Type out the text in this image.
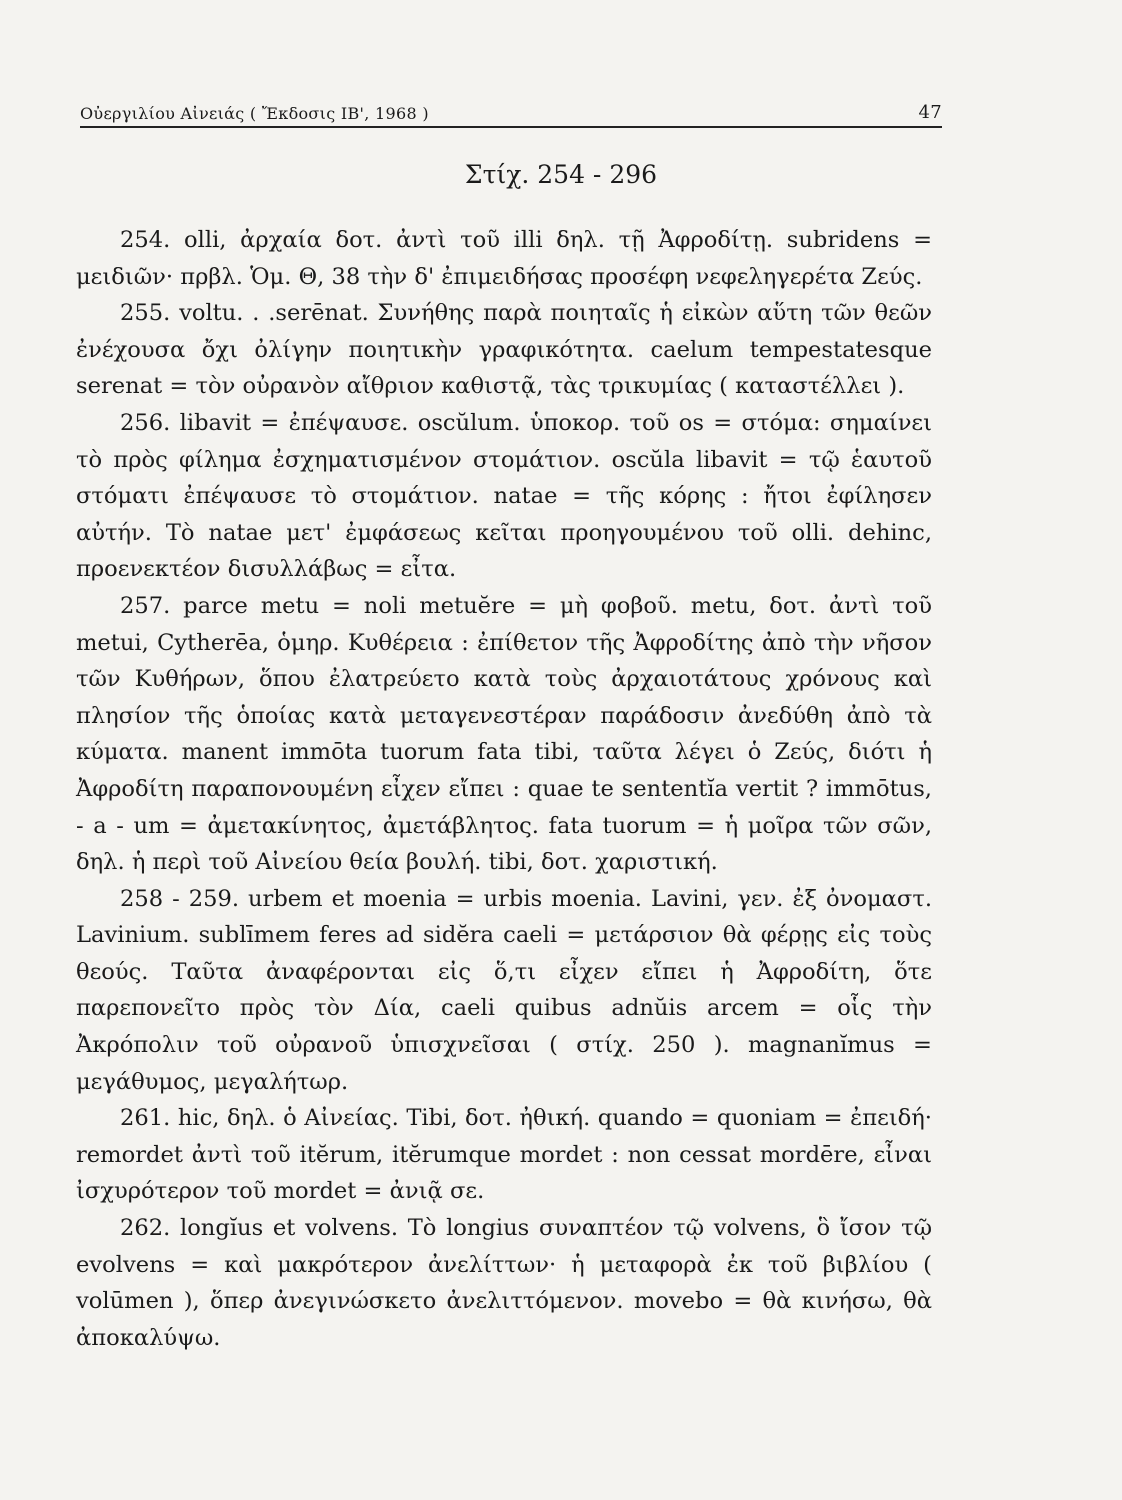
Οὐεργιλίου Αἰνειάς ( Ἔκδοσις ΙΒ', 1968 )	47
Στίχ. 254 - 296

254. olli, ἀρχαία δοτ. ἀντὶ τοῦ illi δηλ. τῇ Ἀφροδίτῃ. subridens = μειδιῶν· πρβλ. Ὁμ. Θ, 38 τὴν δ' ἐπιμειδήσας προσέφη νεφεληγερέτα Ζεύς.

255. voltu. . .serēnat. Συνήθης παρὰ ποιηταῖς ἡ εἰκὼν αὕτη τῶν θεῶν ἐνέχουσα ὄχι ὀλίγην ποιητικὴν γραφικότητα. caelum tempestatesque serenat = τὸν οὐρανὸν αἴθριον καθιστᾷ, τὰς τρικυμίας ( καταστέλλει ).

256. libavit = ἐπέψαυσε. oscŭlum. ὑποκορ. τοῦ os = στόμα: σημαίνει τὸ πρὸς φίλημα ἐσχηματισμένον στομάτιον. oscŭla libavit = τῷ ἑαυτοῦ στόματι ἐπέψαυσε τὸ στομάτιον. natae = τῆς κόρης : ἤτοι ἐφίλησεν αὐτήν. Τὸ natae μετ' ἐμφάσεως κεῖται προηγουμένου τοῦ olli. dehinc, προενεκτέον δισυλλάβως = εἶτα.

257. parce metu = noli metuĕre = μὴ φοβοῦ. metu, δοτ. ἀντὶ τοῦ metui, Cytherēa, ὁμηρ. Κυθέρεια : ἐπίθετον τῆς Ἀφροδίτης ἀπὸ τὴν νῆσον τῶν Κυθήρων, ὅπου ἐλατρεύετο κατὰ τοὺς ἀρχαιοτάτους χρόνους καὶ πλησίον τῆς ὁποίας κατὰ μεταγενεστέραν παράδοσιν ἀνεδύθη ἀπὸ τὰ κύματα. manent immōta tuorum fata tibi, ταῦτα λέγει ὁ Ζεύς, διότι ἡ Ἀφροδίτη παραπονουμένη εἶχεν εἴπει : quae te sententĭa vertit ? immōtus, - a - um = ἀμετακίνητος, ἀμετάβλητος. fata tuorum = ἡ μοῖρα τῶν σῶν, δηλ. ἡ περὶ τοῦ Αἰνείου θεία βουλή. tibi, δοτ. χαριστική.

258 - 259. urbem et moenia = urbis moenia. Lavini, γεν. ἐξ ὀνομαστ. Lavinium. sublīmem feres ad sidĕra caeli = μετάρσιον θὰ φέρῃς εἰς τοὺς θεούς. Ταῦτα ἀναφέρονται εἰς ὅ,τι εἶχεν εἴπει ἡ Ἀφροδίτη, ὅτε παρεπονεῖτο πρὸς τὸν Δία, caeli quibus adnŭis arcem = οἷς τὴν Ἀκρόπολιν τοῦ οὐρανοῦ ὑπισχνεῖσαι ( στίχ. 250 ). magnanĭmus = μεγάθυμος, μεγαλήτωρ.

261. hic, δηλ. ὁ Αἰνείας. Tibi, δοτ. ἠθική. quando = quoniam = ἐπειδή· remordet ἀντὶ τοῦ itĕrum, itĕrumque mordet : non cessat mordēre, εἶναι ἰσχυρότερον τοῦ mordet = ἀνιᾷ σε.

262. longĭus et volvens. Τὸ longius συναπτέον τῷ volvens, ὃ ἴσον τῷ evolvens = καὶ μακρότερον ἀνελίττων· ἡ μεταφορὰ ἐκ τοῦ βιβλίου ( volūmen ), ὅπερ ἀνεγινώσκετο ἀνελιττόμενον. movebo = θὰ κινήσω, θὰ ἀποκαλύψω.
